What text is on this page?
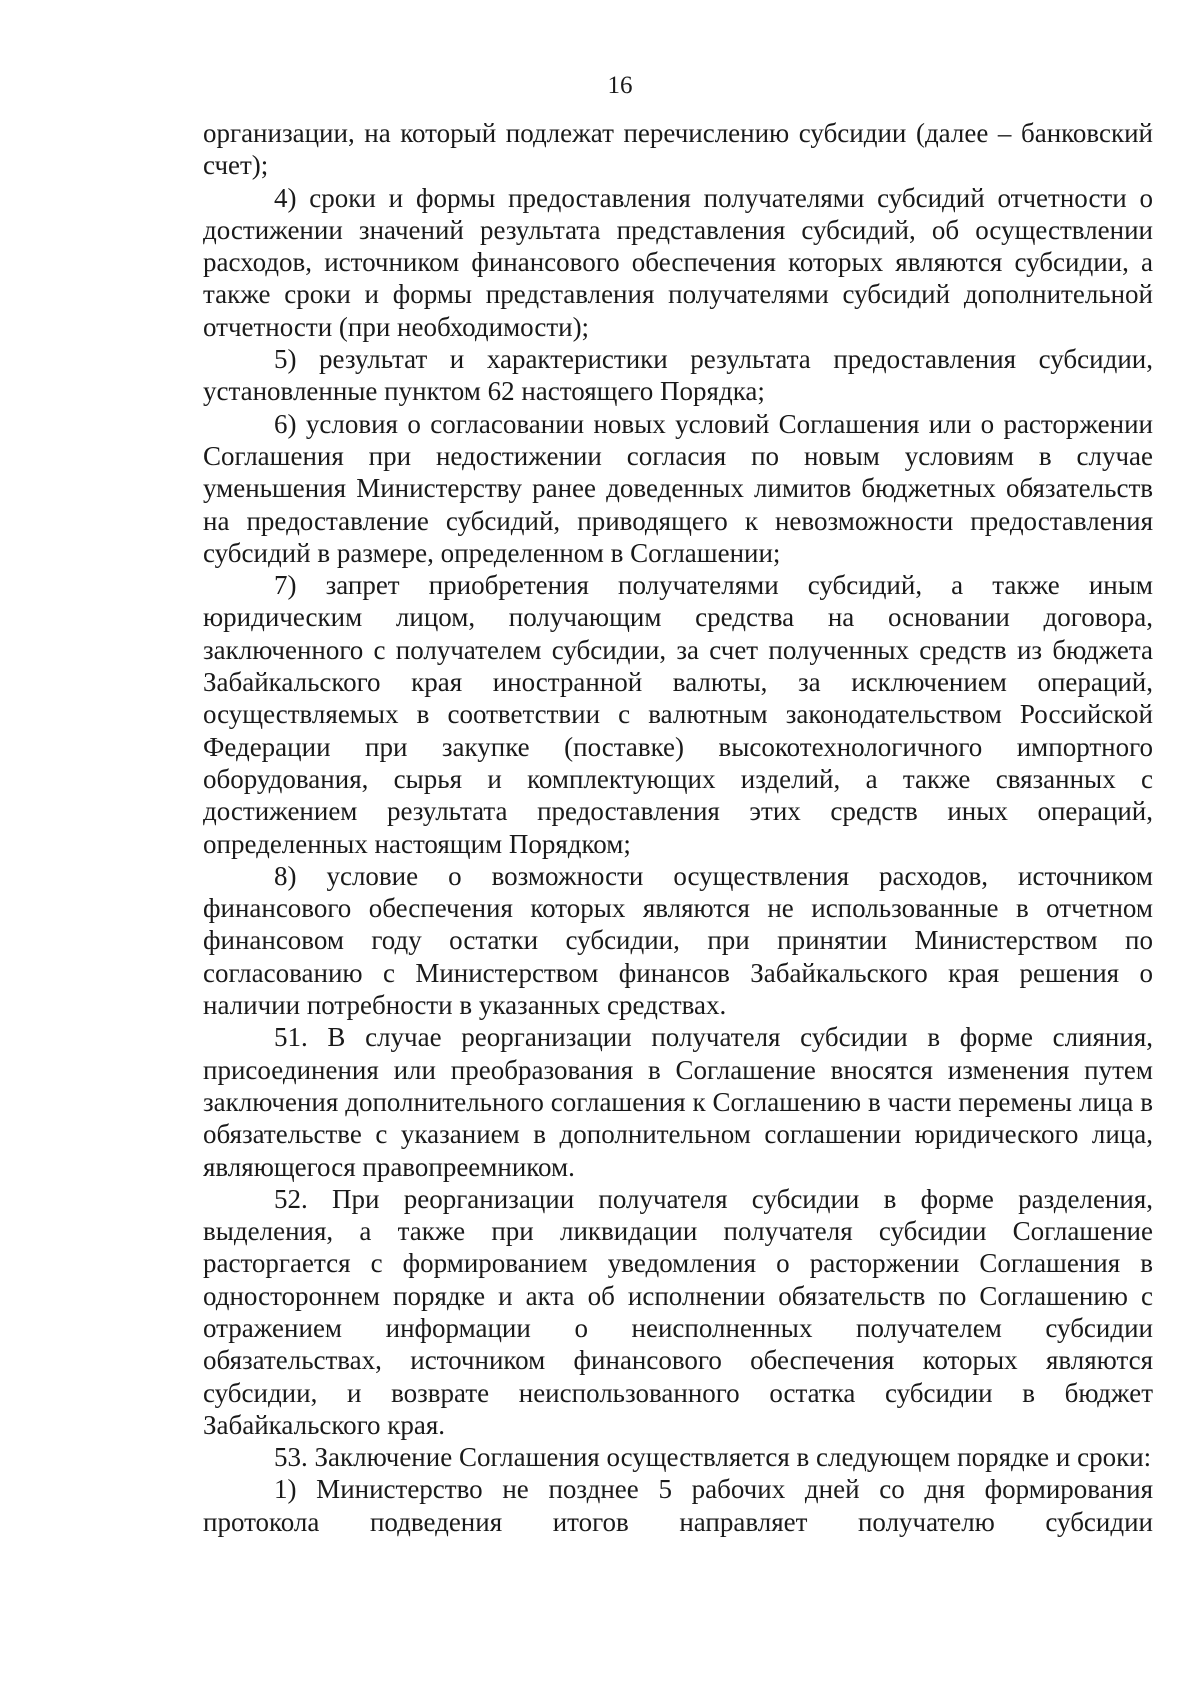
16

организации, на который подлежат перечислению субсидии (далее – банковский счет);

4) сроки и формы предоставления получателями субсидий отчетности о достижении значений результата представления субсидий, об осуществлении расходов, источником финансового обеспечения которых являются субсидии, а также сроки и формы представления получателями субсидий дополнительной отчетности (при необходимости);

5) результат и характеристики результата предоставления субсидии, установленные пунктом 62 настоящего Порядка;

6) условия о согласовании новых условий Соглашения или о расторжении Соглашения при недостижении согласия по новым условиям в случае уменьшения Министерству ранее доведенных лимитов бюджетных обязательств на предоставление субсидий, приводящего к невозможности предоставления субсидий в размере, определенном в Соглашении;

7) запрет приобретения получателями субсидий, а также иным юридическим лицом, получающим средства на основании договора, заключенного с получателем субсидии, за счет полученных средств из бюджета Забайкальского края иностранной валюты, за исключением операций, осуществляемых в соответствии с валютным законодательством Российской Федерации при закупке (поставке) высокотехнологичного импортного оборудования, сырья и комплектующих изделий, а также связанных с достижением результата предоставления этих средств иных операций, определенных настоящим Порядком;

8) условие о возможности осуществления расходов, источником финансового обеспечения которых являются не использованные в отчетном финансовом году остатки субсидии, при принятии Министерством по согласованию с Министерством финансов Забайкальского края решения о наличии потребности в указанных средствах.

51. В случае реорганизации получателя субсидии в форме слияния, присоединения или преобразования в Соглашение вносятся изменения путем заключения дополнительного соглашения к Соглашению в части перемены лица в обязательстве с указанием в дополнительном соглашении юридического лица, являющегося правопреемником.

52. При реорганизации получателя субсидии в форме разделения, выделения, а также при ликвидации получателя субсидии Соглашение расторгается с формированием уведомления о расторжении Соглашения в одностороннем порядке и акта об исполнении обязательств по Соглашению с отражением информации о неисполненных получателем субсидии обязательствах, источником финансового обеспечения которых являются субсидии, и возврате неиспользованного остатка субсидии в бюджет Забайкальского края.

53. Заключение Соглашения осуществляется в следующем порядке и сроки:

1) Министерство не позднее 5 рабочих дней со дня формирования протокола подведения итогов направляет получателю субсидии
